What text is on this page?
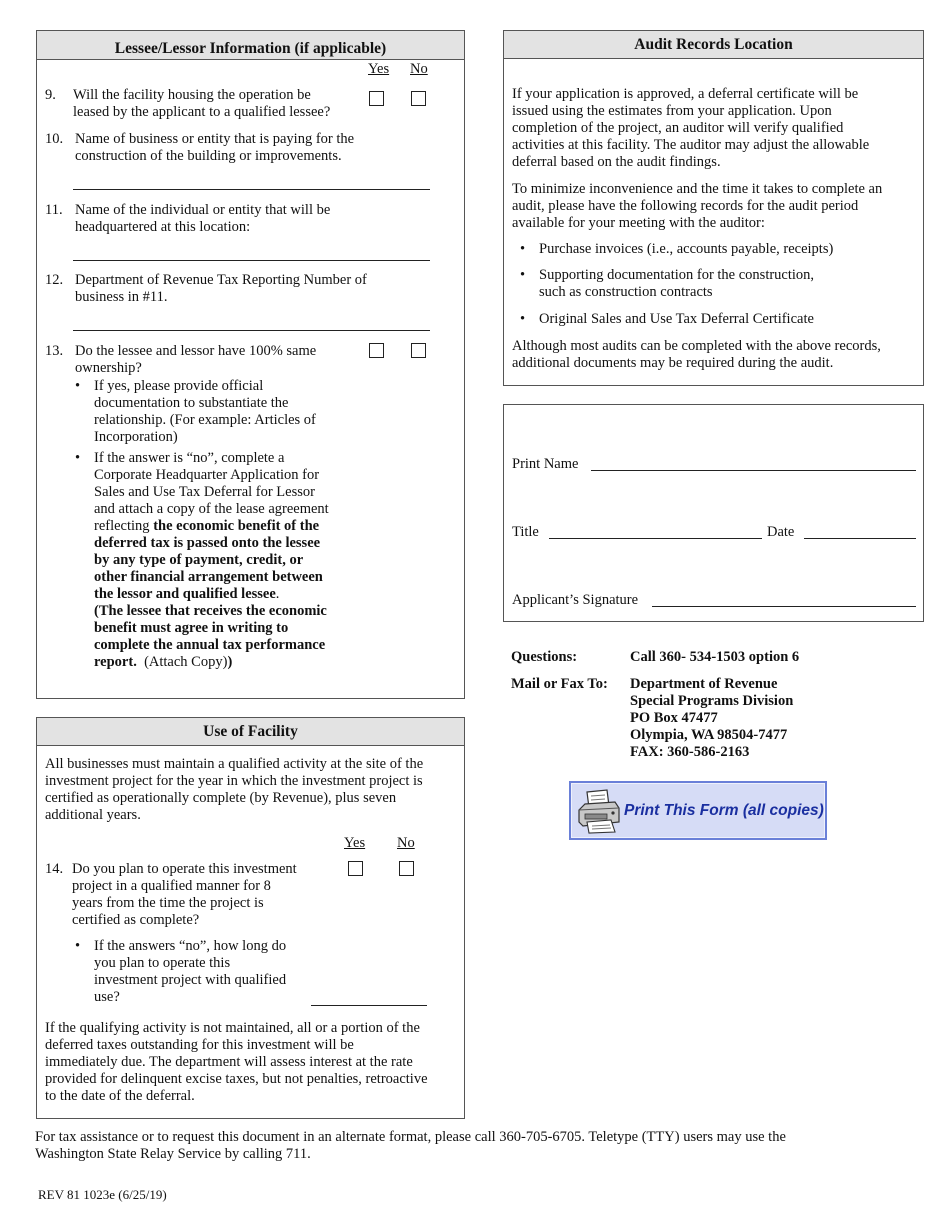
Lessee/Lessor Information (if applicable)
Yes No
9. Will the facility housing the operation be
leased by the applicant to a qualified lessee?
10. Name of business or entity that is paying for the
construction of the building or improvements.
11. Name of the individual or entity that will be
headquartered at this location:
12. Department of Revenue Tax Reporting Number of
business in #11.
13. Do the lessee and lessor have 100% same
ownership?
• If yes, please provide official
documentation to substantiate the
relationship. (For example: Articles of
Incorporation)
• If the answer is “no”, complete a
Corporate Headquarter Application for
Sales and Use Tax Deferral for Lessor
and attach a copy of the lease agreement
reflecting the economic benefit of the
deferred tax is passed onto the lessee
by any type of payment, credit, or
other financial arrangement between
the lessor and qualified lessee.
(The lessee that receives the economic
benefit must agree in writing to
complete the annual tax performance
report.  (Attach Copy))
Use of Facility
All businesses must maintain a qualified activity at the site of the
investment project for the year in which the investment project is
certified as operationally complete (by Revenue), plus seven
additional years.
Yes No
14. Do you plan to operate this investment
project in a qualified manner for 8
years from the time the project is
certified as complete?
• If the answers “no”, how long do
you plan to operate this
investment project with qualified
use?
If the qualifying activity is not maintained, all or a portion of the
deferred taxes outstanding for this investment will be
immediately due. The department will assess interest at the rate
provided for delinquent excise taxes, but not penalties, retroactive
to the date of the deferral.
Audit Records Location
If your application is approved, a deferral certificate will be
issued using the estimates from your application. Upon
completion of the project, an auditor will verify qualified
activities at this facility. The auditor may adjust the allowable
deferral based on the audit findings.
To minimize inconvenience and the time it takes to complete an
audit, please have the following records for the audit period
available for your meeting with the auditor:
• Purchase invoices (i.e., accounts payable, receipts)
• Supporting documentation for the construction,
such as construction contracts
• Original Sales and Use Tax Deferral Certificate
Although most audits can be completed with the above records,
additional documents may be required during the audit.
Print Name
Title	Date
Applicant’s Signature
Questions:	Call 360- 534-1503 option 6
Mail or Fax To: Department of Revenue
Special Programs Division
PO Box 47477
Olympia, WA 98504-7477
FAX: 360-586-2163
Print This Form (all copies)
For tax assistance or to request this document in an alternate format, please call 360-705-6705. Teletype (TTY) users may use the
Washington State Relay Service by calling 711.
REV 81 1023e (6/25/19)
